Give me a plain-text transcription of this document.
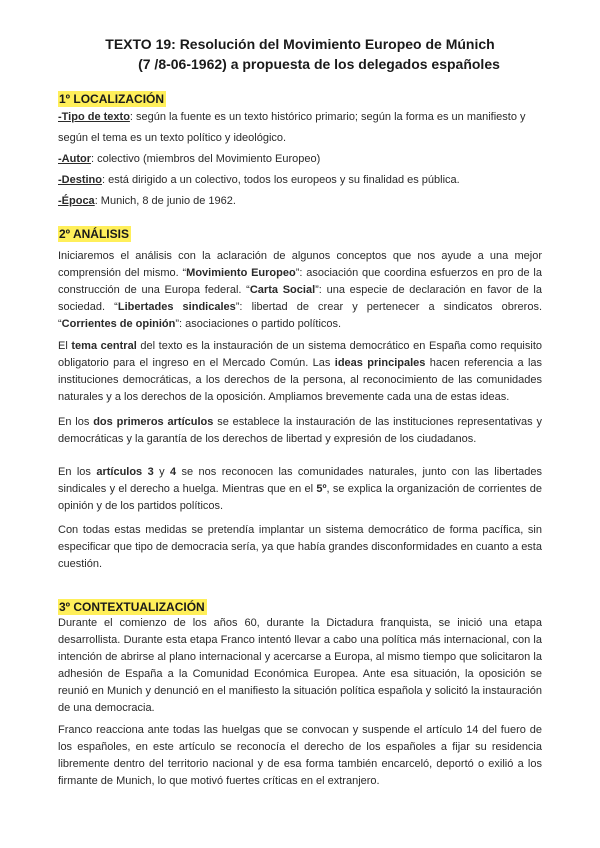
TEXTO 19: Resolución del Movimiento Europeo de Múnich
(7 /8-06-1962) a propuesta de los delegados españoles
1º LOCALIZACIÓN

-Tipo de texto: según la fuente es un texto histórico primario; según la forma es un manifiesto y según el tema es un texto político y ideológico.

-Autor: colectivo (miembros del Movimiento Europeo)

-Destino: está dirigido a un colectivo, todos los europeos y su finalidad es pública.

-Época: Munich, 8 de junio de 1962.

2º ANÁLISIS

Iniciaremos el análisis con la aclaración de algunos conceptos que nos ayude a una mejor comprensión del mismo. “Movimiento Europeo”: asociación que coordina esfuerzos en pro de la construcción de una Europa federal. “Carta Social”: una especie de declaración en favor de la sociedad. “Libertades sindicales”: libertad de crear y pertenecer a sindicatos obreros. “Corrientes de opinión”: asociaciones o partido políticos.

El tema central del texto es la instauración de un sistema democrático en España como requisito obligatorio para el ingreso en el Mercado Común. Las ideas principales hacen referencia a las instituciones democráticas, a los derechos de la persona, al reconocimiento de las comunidades naturales y a los derechos de la oposición. Ampliamos brevemente cada una de estas ideas.

En los dos primeros artículos se establece la instauración de las instituciones representativas y democráticas y la garantía de los derechos de libertad y expresión de los ciudadanos.

En los artículos 3 y 4 se nos reconocen las comunidades naturales, junto con las libertades sindicales y el derecho a huelga. Mientras que en el 5º, se explica la organización de corrientes de opinión y de los partidos políticos.

Con todas estas medidas se pretendía implantar un sistema democrático de forma pacífica, sin especificar que tipo de democracia sería, ya que había grandes disconformidades en cuanto a esta cuestión.

3º CONTEXTUALIZACIÓN

Durante el comienzo de los años 60, durante la Dictadura franquista, se inició una etapa desarrollista. Durante esta etapa Franco intentó llevar a cabo una política más internacional, con la intención de abrirse al plano internacional y acercarse a Europa, al mismo tiempo que solicitaron la adhesión de España a la Comunidad Económica Europea. Ante esa situación, la oposición se reunió en Munich y denunció en el manifiesto la situación política española y solicitó la instauración de una democracia.

Franco reacciona ante todas las huelgas que se convocan y suspende el artículo 14 del fuero de los españoles, en este artículo se reconocía el derecho de los españoles a fijar su residencia libremente dentro del territorio nacional y de esa forma también encarceló, deportó o exilió a los firmante de Munich, lo que motivó fuertes críticas en el extranjero.
